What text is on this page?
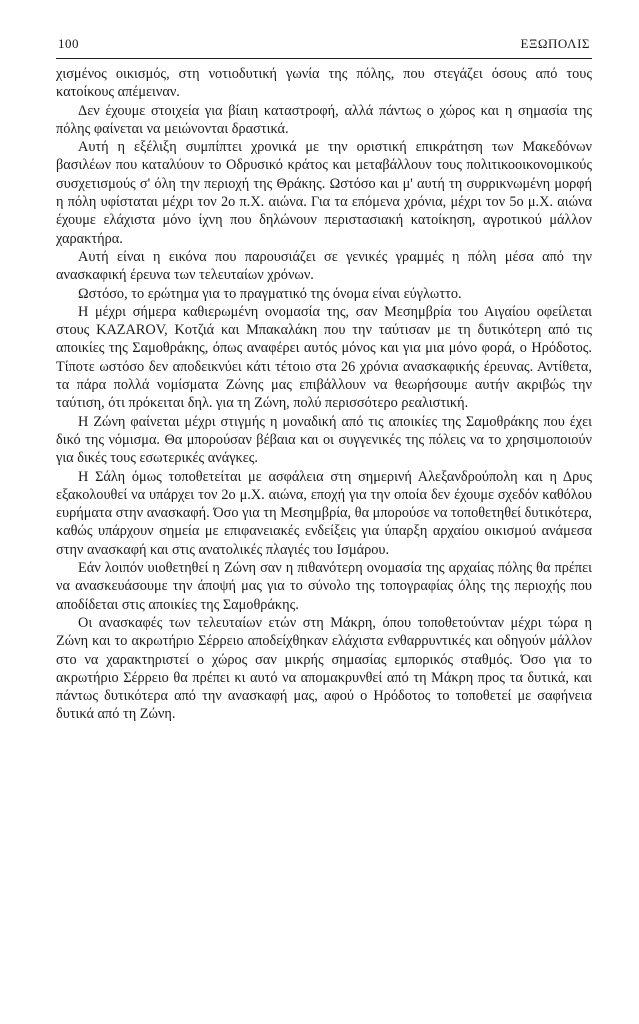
100	ΕΞΩΠΟΛΙΣ

χισμένος οικισμός, στη νοτιοδυτική γωνία της πόλης, που στεγάζει όσους από τους κατοίκους απέμειναν.

Δεν έχουμε στοιχεία για βίαιη καταστροφή, αλλά πάντως ο χώρος και η σημασία της πόλης φαίνεται να μειώνονται δραστικά.

Αυτή η εξέλιξη συμπίπτει χρονικά με την οριστική επικράτηση των Μακεδόνων βασιλέων που καταλύουν το Οδρυσικό κράτος και μεταβάλλουν τους πολιτικοοικονομικούς συσχετισμούς σ' όλη την περιοχή της Θράκης. Ωστόσο και μ' αυτή τη συρρικνωμένη μορφή η πόλη υφίσταται μέχρι τον 2ο π.Χ. αιώνα. Για τα επόμενα χρόνια, μέχρι τον 5ο μ.Χ. αιώνα έχουμε ελάχιστα μόνο ίχνη που δηλώνουν περιστασιακή κατοίκηση, αγροτικού μάλλον χαρακτήρα.

Αυτή είναι η εικόνα που παρουσιάζει σε γενικές γραμμές η πόλη μέσα από την ανασκαφική έρευνα των τελευταίων χρόνων.

Ωστόσο, το ερώτημα για το πραγματικό της όνομα είναι εύγλωττο.

Η μέχρι σήμερα καθιερωμένη ονομασία της, σαν Μεσημβρία του Αιγαίου οφείλεται στους KAZAROV, Κοτζιά και Μπακαλάκη που την ταύτισαν με τη δυτικότερη από τις αποικίες της Σαμοθράκης, όπως αναφέρει αυτός μόνος και για μια μόνο φορά, ο Ηρόδοτος. Τίποτε ωστόσο δεν αποδεικνύει κάτι τέτοιο στα 26 χρόνια ανασκαφικής έρευνας. Αντίθετα, τα πάρα πολλά νομίσματα Ζώνης μας επιβάλλουν να θεωρήσουμε αυτήν ακριβώς την ταύτιση, ότι πρόκειται δηλ. για τη Ζώνη, πολύ περισσότερο ρεαλιστική.

Η Ζώνη φαίνεται μέχρι στιγμής η μοναδική από τις αποικίες της Σαμοθράκης που έχει δικό της νόμισμα. Θα μπορούσαν βέβαια και οι συγγενικές της πόλεις να το χρησιμοποιούν για δικές τους εσωτερικές ανάγκες.

Η Σάλη όμως τοποθετείται με ασφάλεια στη σημερινή Αλεξανδρούπολη και η Δρυς εξακολουθεί να υπάρχει τον 2ο μ.Χ. αιώνα, εποχή για την οποία δεν έχουμε σχεδόν καθόλου ευρήματα στην ανασκαφή. Όσο για τη Μεσημβρία, θα μπορούσε να τοποθετηθεί δυτικότερα, καθώς υπάρχουν σημεία με επιφανειακές ενδείξεις για ύπαρξη αρχαίου οικισμού ανάμεσα στην ανασκαφή και στις ανατολικές πλαγιές του Ισμάρου.

Εάν λοιπόν υιοθετηθεί η Ζώνη σαν η πιθανότερη ονομασία της αρχαίας πόλης θα πρέπει να ανασκευάσουμε την άποψή μας για το σύνολο της τοπογραφίας όλης της περιοχής που αποδίδεται στις αποικίες της Σαμοθράκης.

Οι ανασκαφές των τελευταίων ετών στη Μάκρη, όπου τοποθετούνταν μέχρι τώρα η Ζώνη και το ακρωτήριο Σέρρειο αποδείχθηκαν ελάχιστα ενθαρρυντικές και οδηγούν μάλλον στο να χαρακτηριστεί ο χώρος σαν μικρής σημασίας εμπορικός σταθμός. Όσο για το ακρωτήριο Σέρρειο θα πρέπει κι αυτό να απομακρυνθεί από τη Μάκρη προς τα δυτικά, και πάντως δυτικότερα από την ανασκαφή μας, αφού ο Ηρόδοτος το τοποθετεί με σαφήνεια δυτικά από τη Ζώνη.
